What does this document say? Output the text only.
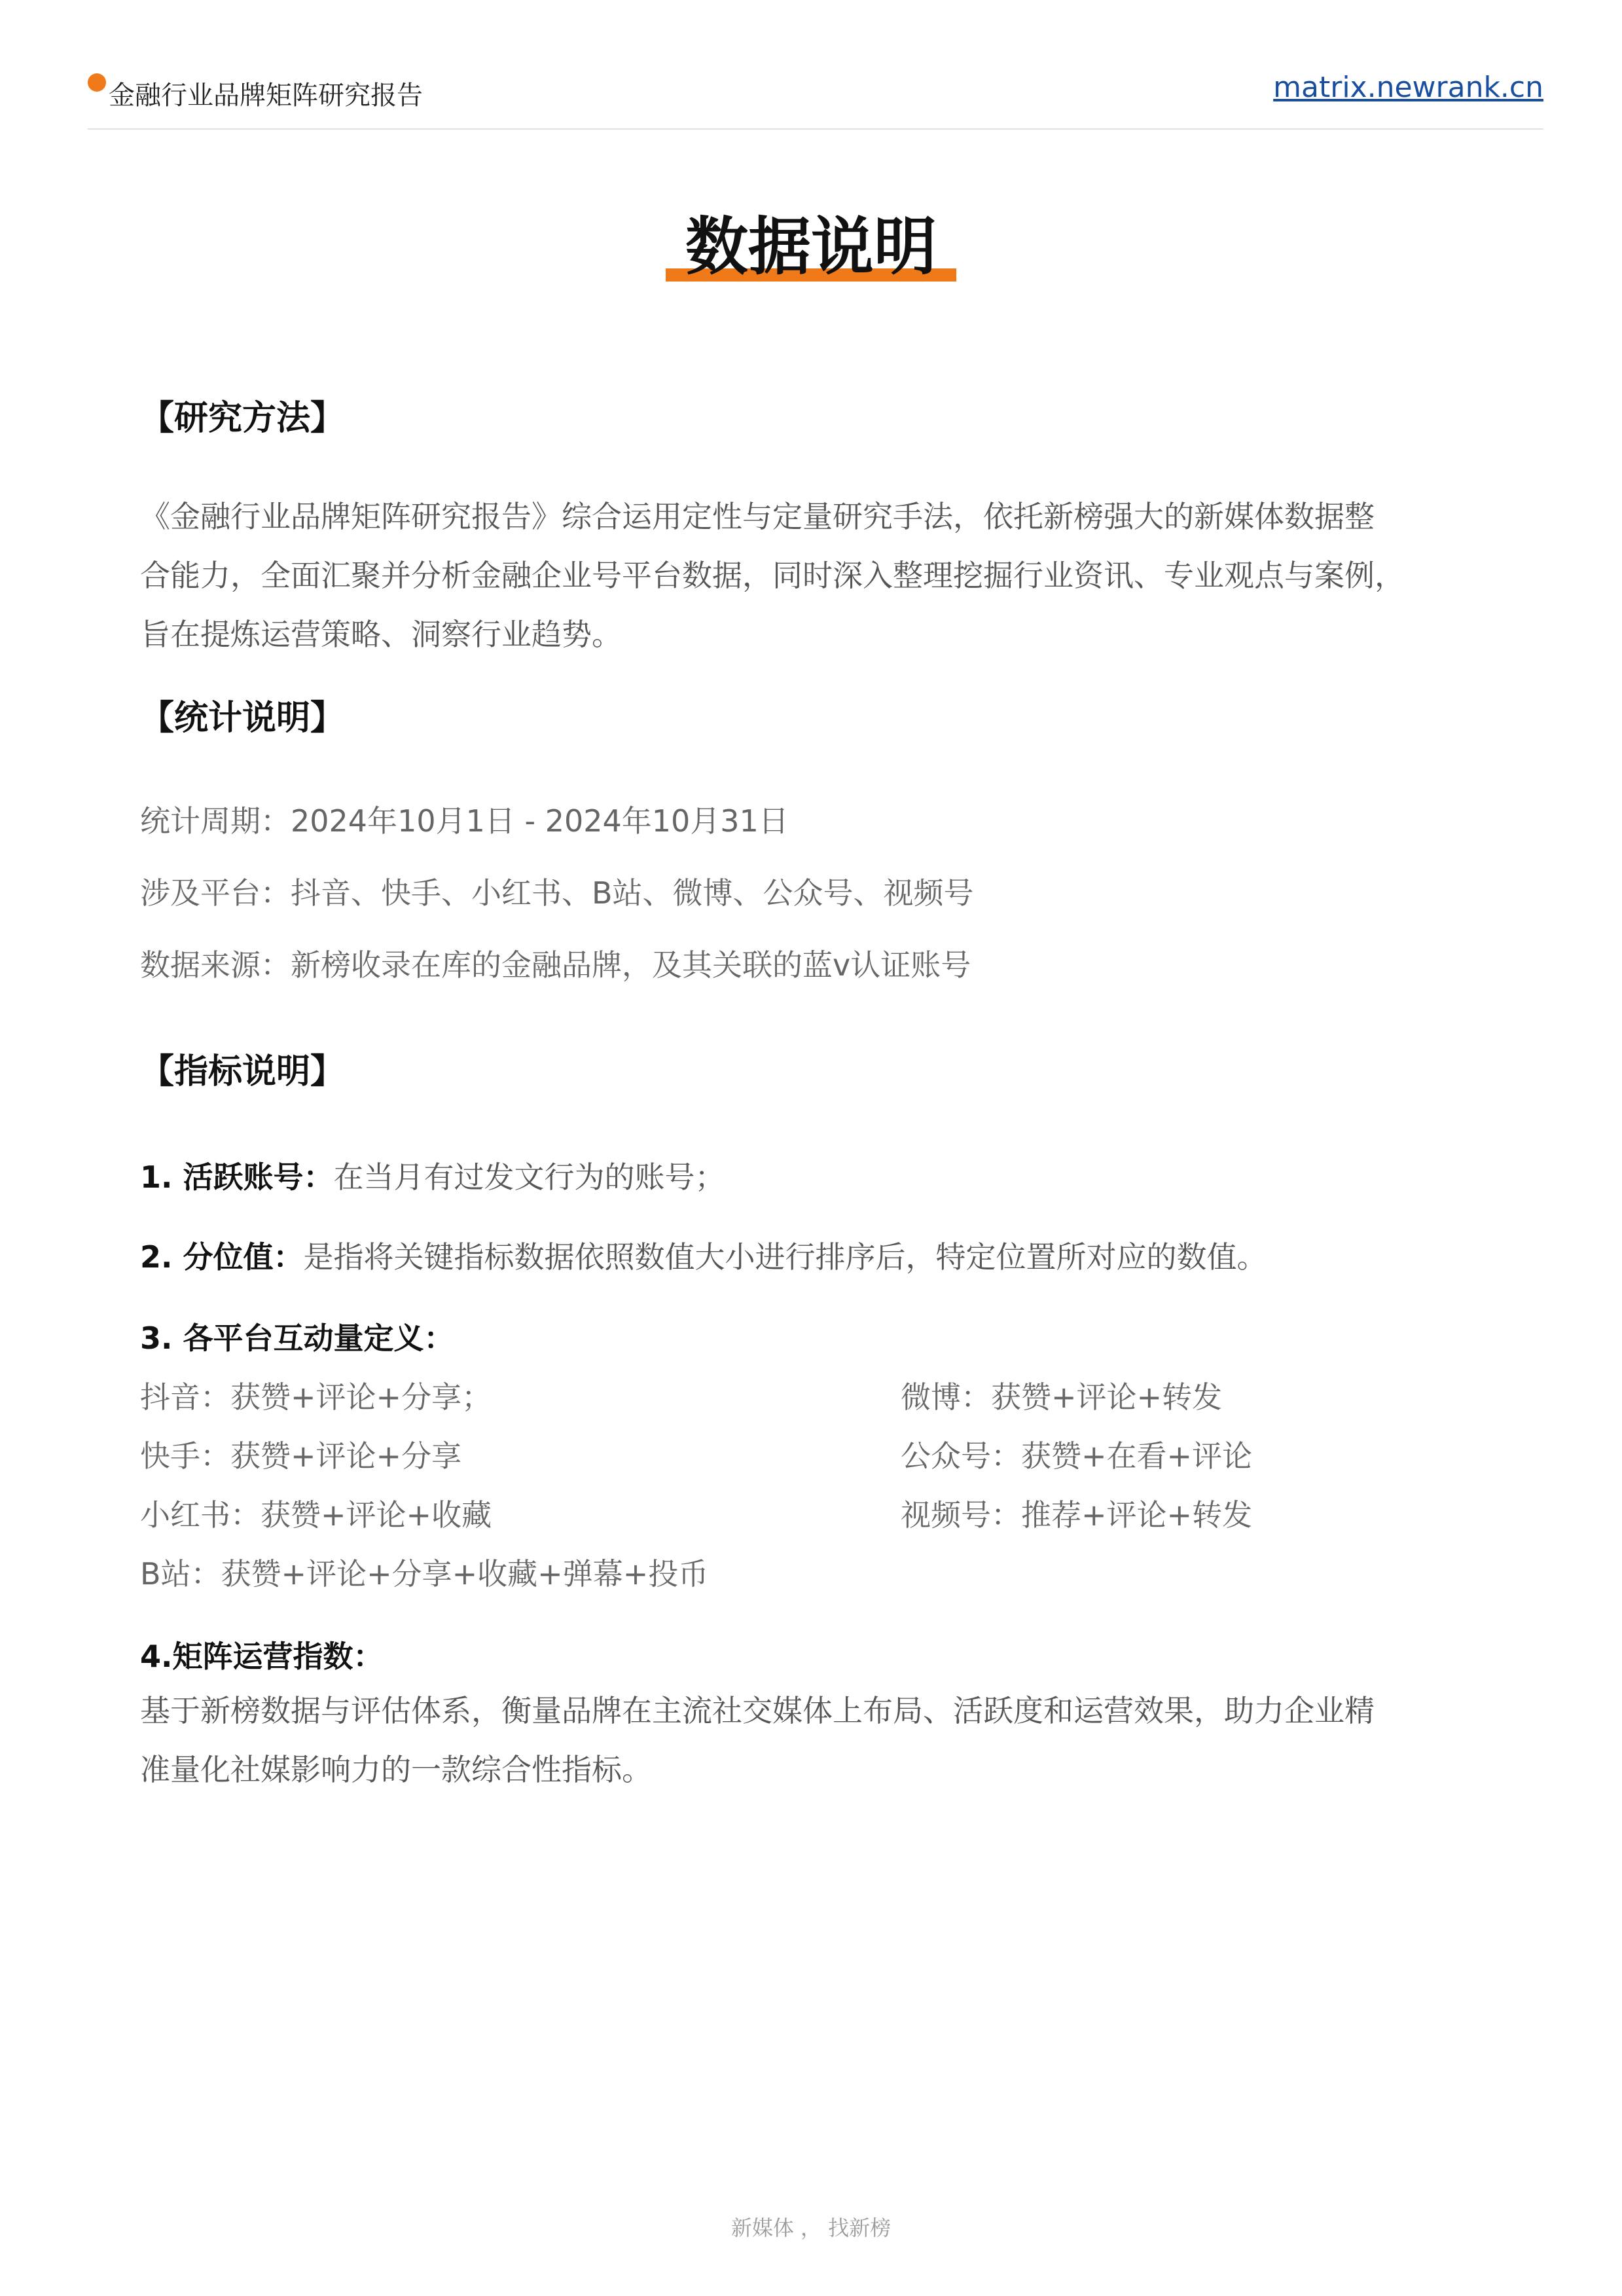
金融行业品牌矩阵研究报告	matrix.newrank.cn
数据说明
【研究方法】
《金融行业品牌矩阵研究报告》综合运用定性与定量研究手法，依托新榜强大的新媒体数据整
合能力，全面汇聚并分析金融企业号平台数据，同时深入整理挖掘行业资讯、专业观点与案例，
旨在提炼运营策略、洞察行业趋势。
【统计说明】
统计周期：2024年10月1日 - 2024年10月31日
涉及平台：抖音、快手、小红书、B站、微博、公众号、视频号
数据来源：新榜收录在库的金融品牌，及其关联的蓝v认证账号
【指标说明】
1. 活跃账号：在当月有过发文行为的账号；
2. 分位值：是指将关键指标数据依照数值大小进行排序后，特定位置所对应的数值。
3. 各平台互动量定义：
抖音：获赞+评论+分享；
快手：获赞+评论+分享
小红书：获赞+评论+收藏
B站：获赞+评论+分享+收藏+弹幕+投币
微博：获赞+评论+转发
公众号：获赞+在看+评论
视频号：推荐+评论+转发
4.矩阵运营指数：
基于新榜数据与评估体系，衡量品牌在主流社交媒体上布局、活跃度和运营效果，助力企业精
准量化社媒影响力的一款综合性指标。
新媒体 ， 找新榜
